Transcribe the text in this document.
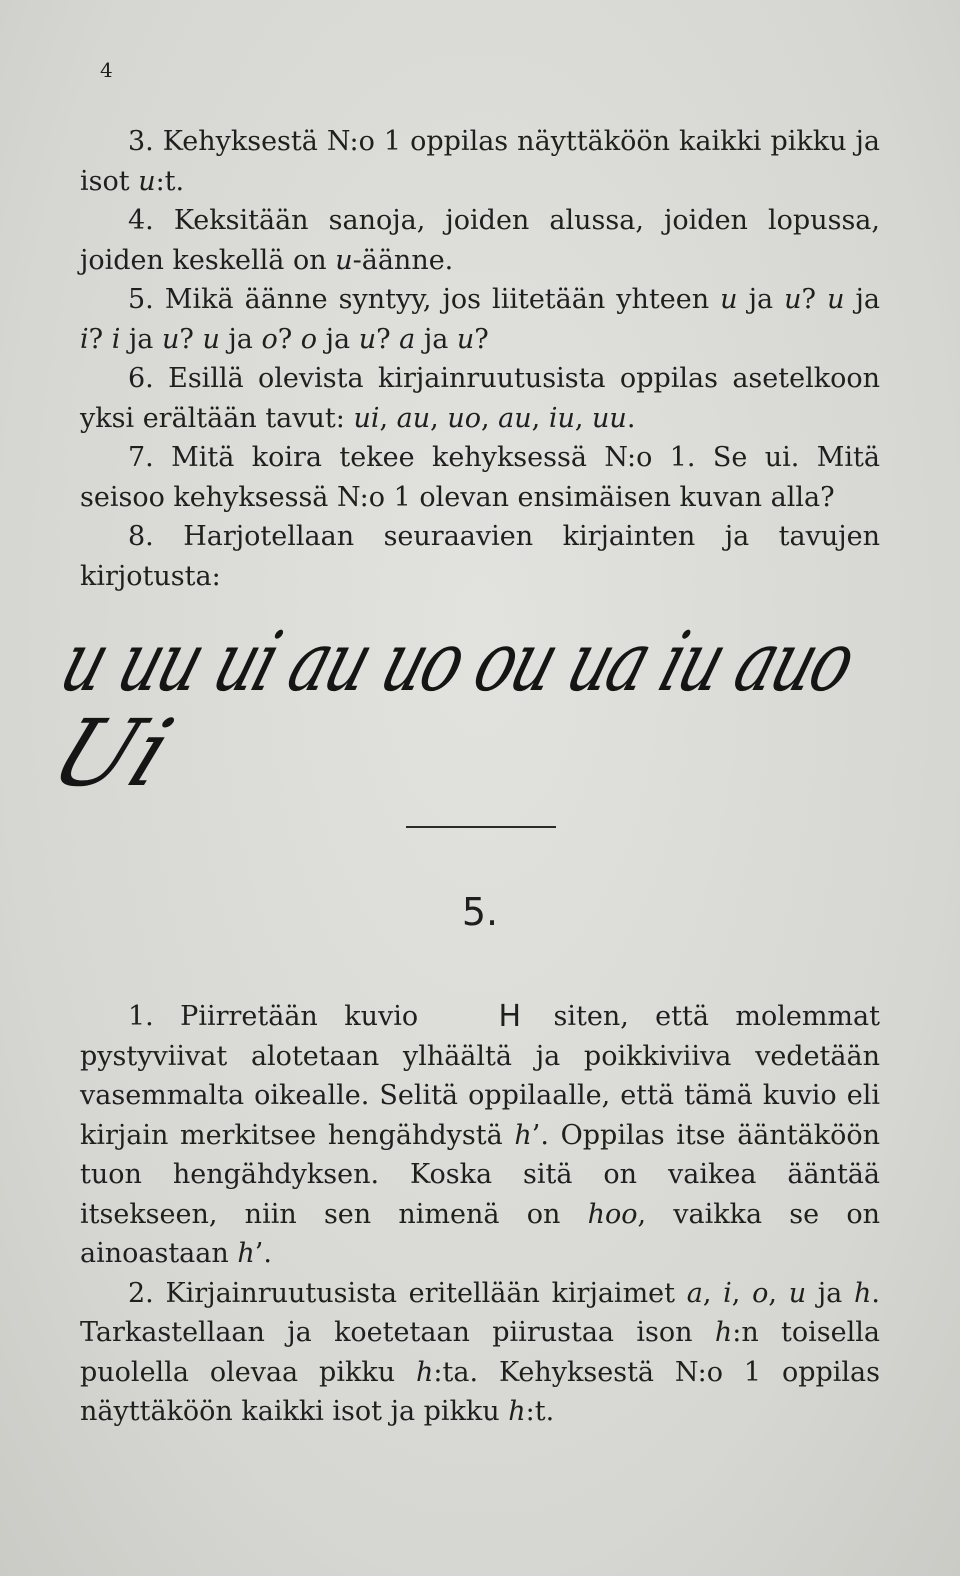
4

3. Kehyksestä N:o 1 oppilas näyttäköön kaikki pikku ja isot u:t.

4. Keksitään sanoja, joiden alussa, joiden lopussa, joiden keskellä on u-äänne.

5. Mikä äänne syntyy, jos liitetään yhteen u ja u? u ja i? i ja u? u ja o? o ja u? a ja u?

6. Esillä olevista kirjainruutusista oppilas asetelkoon yksi erältään tavut: ui, au, uo, au, iu, uu.

7. Mitä koira tekee kehyksessä N:o 1. Se ui. Mitä seisoo kehyksessä N:o 1 olevan ensimäisen kuvan alla?

8. Harjotellaan seuraavien kirjainten ja tavujen kirjotusta:

u uu ui au uo ou ua iu auo
Ui
5.

1. Piirretään kuvio H siten, että molemmat pystyviivat alotetaan ylhäältä ja poikkiviiva vedetään vasemmalta oikealle. Selitä oppilaalle, että tämä kuvio eli kirjain merkitsee hengähdystä h’. Oppilas itse ääntäköön tuon hengähdyksen. Koska sitä on vaikea ääntää itsekseen, niin sen nimenä on hoo, vaikka se on ainoastaan h’.

2. Kirjainruutusista eritellään kirjaimet a, i, o, u ja h. Tarkastellaan ja koetetaan piirustaa ison h:n toisella puolella olevaa pikku h:ta. Kehyksestä N:o 1 oppilas näyttäköön kaikki isot ja pikku h:t.
